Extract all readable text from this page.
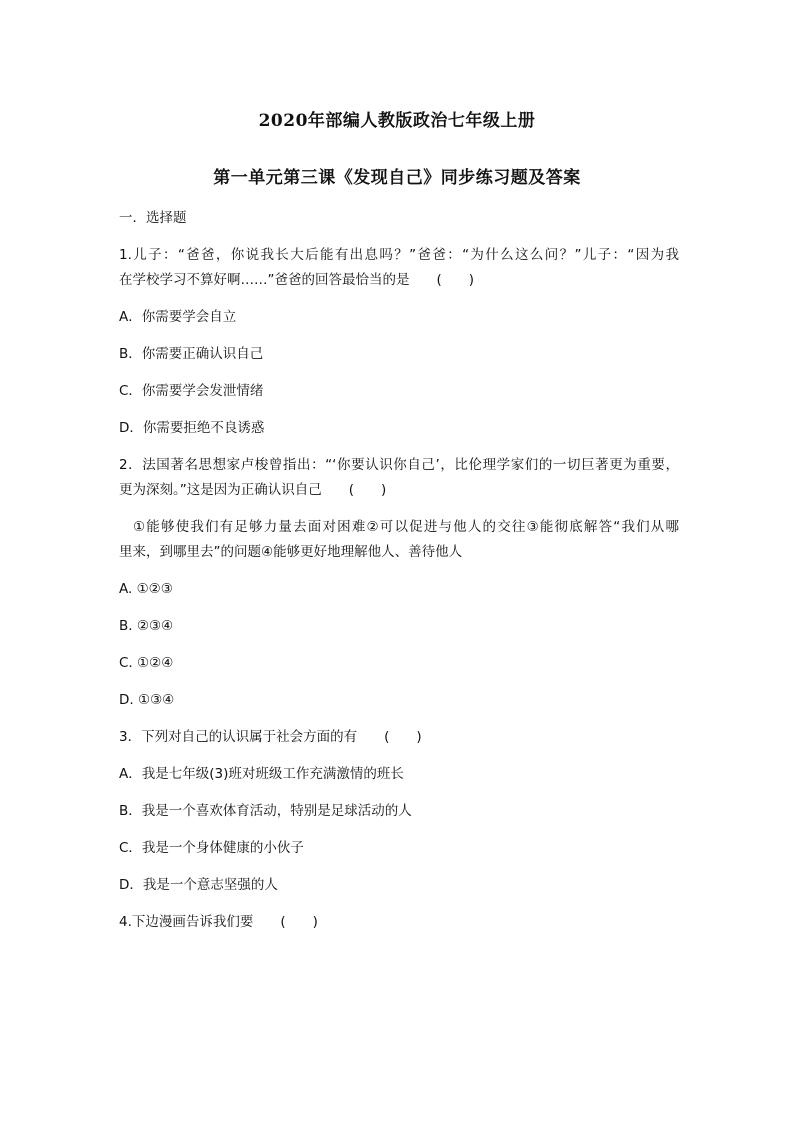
2020年部编人教版政治七年级上册
第一单元第三课《发现自己》同步练习题及答案
一．选择题
1.儿子：“爸爸，你说我长大后能有出息吗？”爸爸：“为什么这么问？”儿子：“因为我
在学校学习不算好啊……”爸爸的回答最恰当的是　　(　　)
A．你需要学会自立
B．你需要正确认识自己
C．你需要学会发泄情绪
D．你需要拒绝不良诱惑
2．法国著名思想家卢梭曾指出：“‘你要认识你自己’，比伦理学家们的一切巨著更为重要，
更为深刻。”这是因为正确认识自己　　(　　)
①能够使我们有足够力量去面对困难②可以促进与他人的交往③能彻底解答“我们从哪
里来，到哪里去”的问题④能够更好地理解他人、善待他人
A. ①②③
B. ②③④
C. ①②④
D. ①③④
3．下列对自己的认识属于社会方面的有　　(　　)
A．我是七年级(3)班对班级工作充满激情的班长
B．我是一个喜欢体育活动，特别是足球活动的人
C．我是一个身体健康的小伙子
D．我是一个意志坚强的人
4.下边漫画告诉我们要　　(　　)
